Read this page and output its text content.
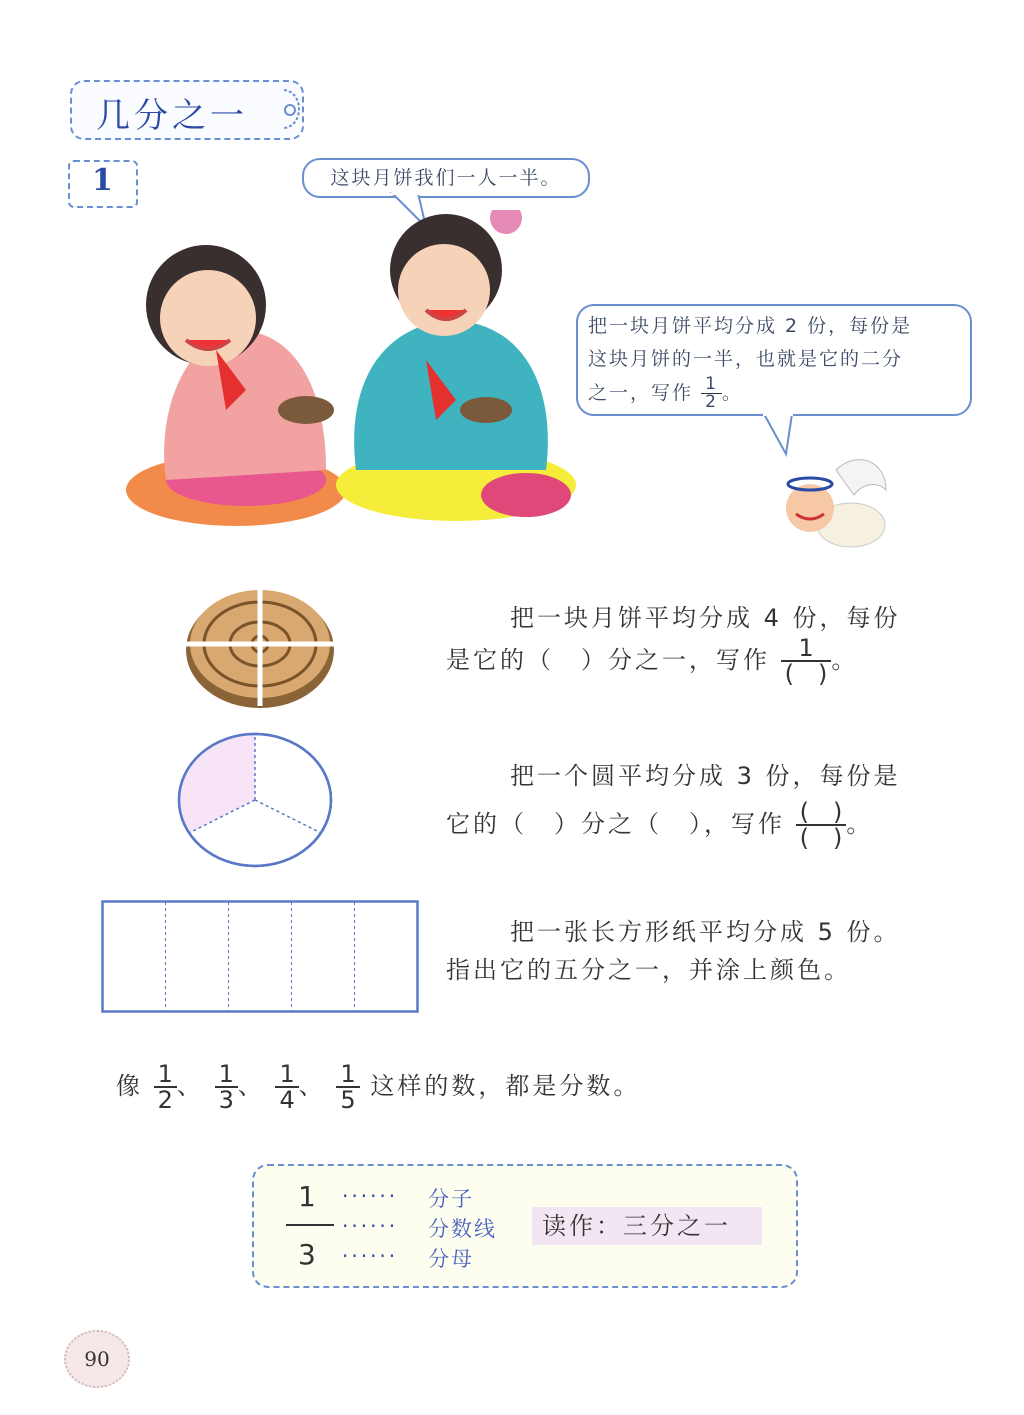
几分之一
1	这块月饼我们一人一半。
把一块月饼平均分成 2 份，每份是
这块月饼的一半，也就是它的二分
之一，写作 $\frac{1}{2}$ 。
把一块月饼平均分成 4 份，每份
是它的（　）分之一，写作 $\frac{1}{( )}$ 。
把一个圆平均分成 3 份，每份是
它的（　）分之（　），写作 $\frac{( )}{( )}$ 。
把一张长方形纸平均分成 5 份。
指出它的五分之一，并涂上颜色。
像 $\frac{1}{2}$ 、 $\frac{1}{3}$ 、 $\frac{1}{4}$ 、 $\frac{1}{5}$ 这样的数，都是分数。
1
3
······
······
······
分子
分数线
分母
读作：三分之一
90
